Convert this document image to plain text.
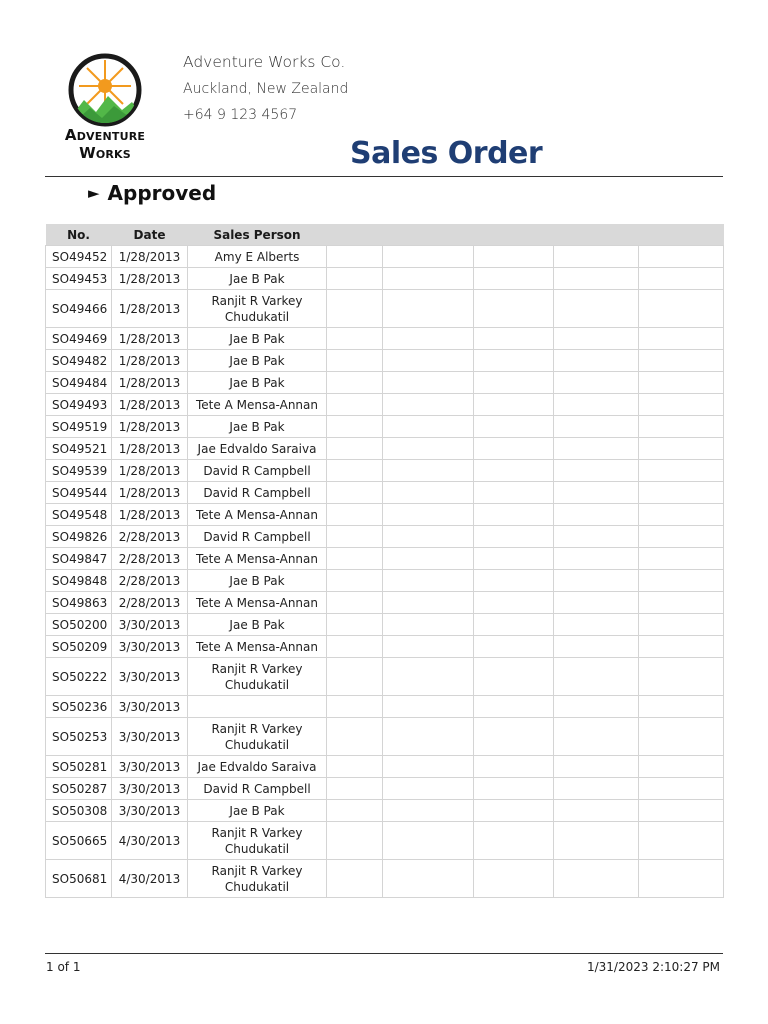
Adventure
Works
Adventure Works Co.
Auckland, New Zealand
+64 9 123 4567
Sales Order
► Approved
No.	Date	Sales Person					
SO49452	1/28/2013	Amy E Alberts					
SO49453	1/28/2013	Jae B Pak					
SO49466	1/28/2013	Ranjit R Varkey Chudukatil					
SO49469	1/28/2013	Jae B Pak					
SO49482	1/28/2013	Jae B Pak					
SO49484	1/28/2013	Jae B Pak					
SO49493	1/28/2013	Tete A Mensa-Annan					
SO49519	1/28/2013	Jae B Pak					
SO49521	1/28/2013	Jae Edvaldo Saraiva					
SO49539	1/28/2013	David R Campbell					
SO49544	1/28/2013	David R Campbell					
SO49548	1/28/2013	Tete A Mensa-Annan					
SO49826	2/28/2013	David R Campbell					
SO49847	2/28/2013	Tete A Mensa-Annan					
SO49848	2/28/2013	Jae B Pak					
SO49863	2/28/2013	Tete A Mensa-Annan					
SO50200	3/30/2013	Jae B Pak					
SO50209	3/30/2013	Tete A Mensa-Annan					
SO50222	3/30/2013	Ranjit R Varkey Chudukatil					
SO50236	3/30/2013						
SO50253	3/30/2013	Ranjit R Varkey Chudukatil					
SO50281	3/30/2013	Jae Edvaldo Saraiva					
SO50287	3/30/2013	David R Campbell					
SO50308	3/30/2013	Jae B Pak					
SO50665	4/30/2013	Ranjit R Varkey Chudukatil					
SO50681	4/30/2013	Ranjit R Varkey Chudukatil					
1 of 1	1/31/2023 2:10:27 PM
